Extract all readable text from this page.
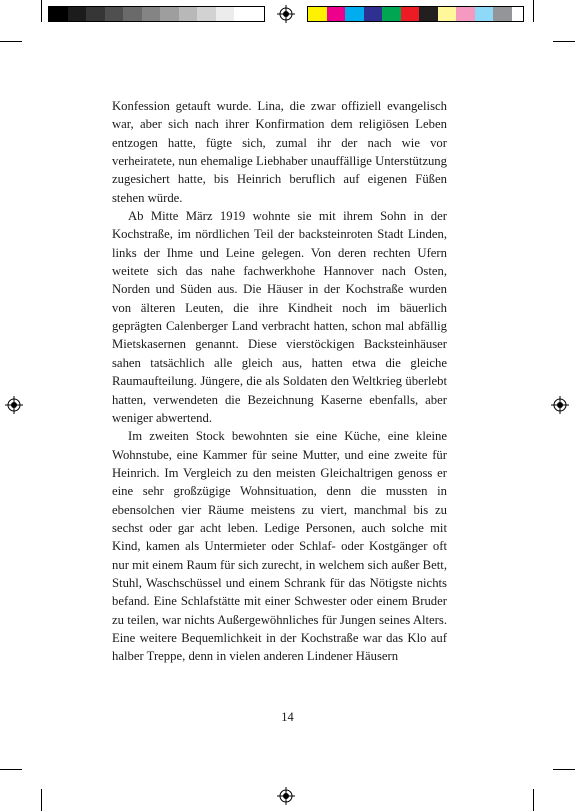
Konfession getauft wurde. Lina, die zwar offiziell evangelisch war, aber sich nach ihrer Konfirmation dem religiösen Leben entzogen hatte, fügte sich, zumal ihr der nach wie vor verheiratete, nun ehemalige Liebhaber unauffällige Unterstützung zugesichert hatte, bis Heinrich beruflich auf eigenen Füßen stehen würde.

Ab Mitte März 1919 wohnte sie mit ihrem Sohn in der Kochstraße, im nördlichen Teil der backsteinroten Stadt Linden, links der Ihme und Leine gelegen. Von deren rechten Ufern weitete sich das nahe fachwerkhohe Hannover nach Osten, Norden und Süden aus. Die Häuser in der Kochstraße wurden von älteren Leuten, die ihre Kindheit noch im bäuerlich geprägten Calenberger Land verbracht hatten, schon mal abfällig Mietskasernen genannt. Diese vierstöckigen Backsteinhäuser sahen tatsächlich alle gleich aus, hatten etwa die gleiche Raumaufteilung. Jüngere, die als Soldaten den Weltkrieg überlebt hatten, verwendeten die Bezeichnung Kaserne ebenfalls, aber weniger abwertend.

Im zweiten Stock bewohnten sie eine Küche, eine kleine Wohnstube, eine Kammer für seine Mutter, und eine zweite für Heinrich. Im Vergleich zu den meisten Gleichaltrigen genoss er eine sehr großzügige Wohnsituation, denn die mussten in ebensolchen vier Räume meistens zu viert, manchmal bis zu sechst oder gar acht leben. Ledige Personen, auch solche mit Kind, kamen als Untermieter oder Schlaf- oder Kostgänger oft nur mit einem Raum für sich zurecht, in welchem sich außer Bett, Stuhl, Waschschüssel und einem Schrank für das Nötigste nichts befand. Eine Schlafstätte mit einer Schwester oder einem Bruder zu teilen, war nichts Außergewöhnliches für Jungen seines Alters. Eine weitere Bequemlichkeit in der Kochstraße war das Klo auf halber Treppe, denn in vielen anderen Lindener Häusern

14
